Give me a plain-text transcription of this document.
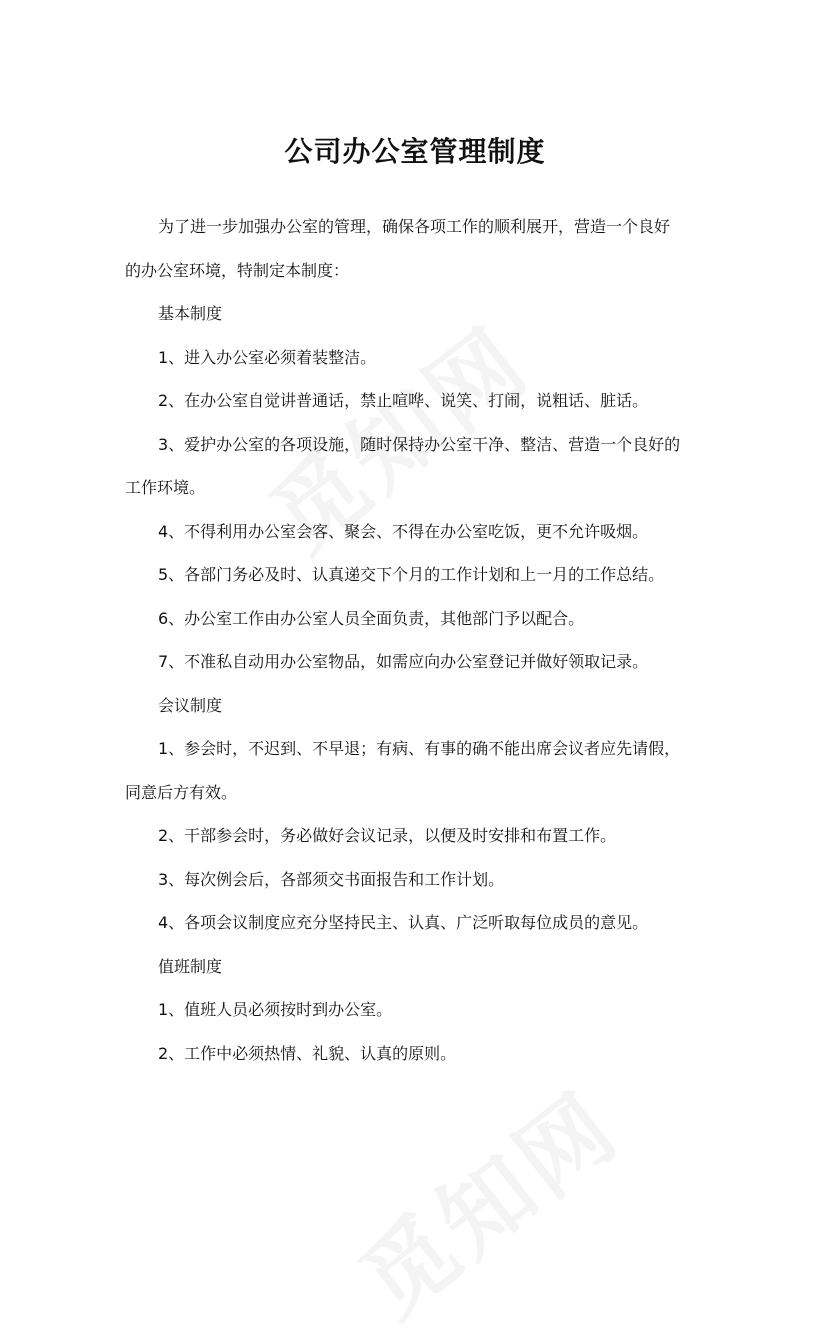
公司办公室管理制度
为了进一步加强办公室的管理，确保各项工作的顺利展开，营造一个良好
的办公室环境，特制定本制度：
基本制度
1、进入办公室必须着装整洁。
2、在办公室自觉讲普通话，禁止喧哗、说笑、打闹，说粗话、脏话。
3、爱护办公室的各项设施，随时保持办公室干净、整洁、营造一个良好的
工作环境。
4、不得利用办公室会客、聚会、不得在办公室吃饭，更不允许吸烟。
5、各部门务必及时、认真递交下个月的工作计划和上一月的工作总结。
6、办公室工作由办公室人员全面负责，其他部门予以配合。
7、不准私自动用办公室物品，如需应向办公室登记并做好领取记录。
会议制度
1、参会时，不迟到、不早退；有病、有事的确不能出席会议者应先请假，
同意后方有效。
2、干部参会时，务必做好会议记录，以便及时安排和布置工作。
3、每次例会后，各部须交书面报告和工作计划。
4、各项会议制度应充分坚持民主、认真、广泛听取每位成员的意见。
值班制度
1、值班人员必须按时到办公室。
2、工作中必须热情、礼貌、认真的原则。
